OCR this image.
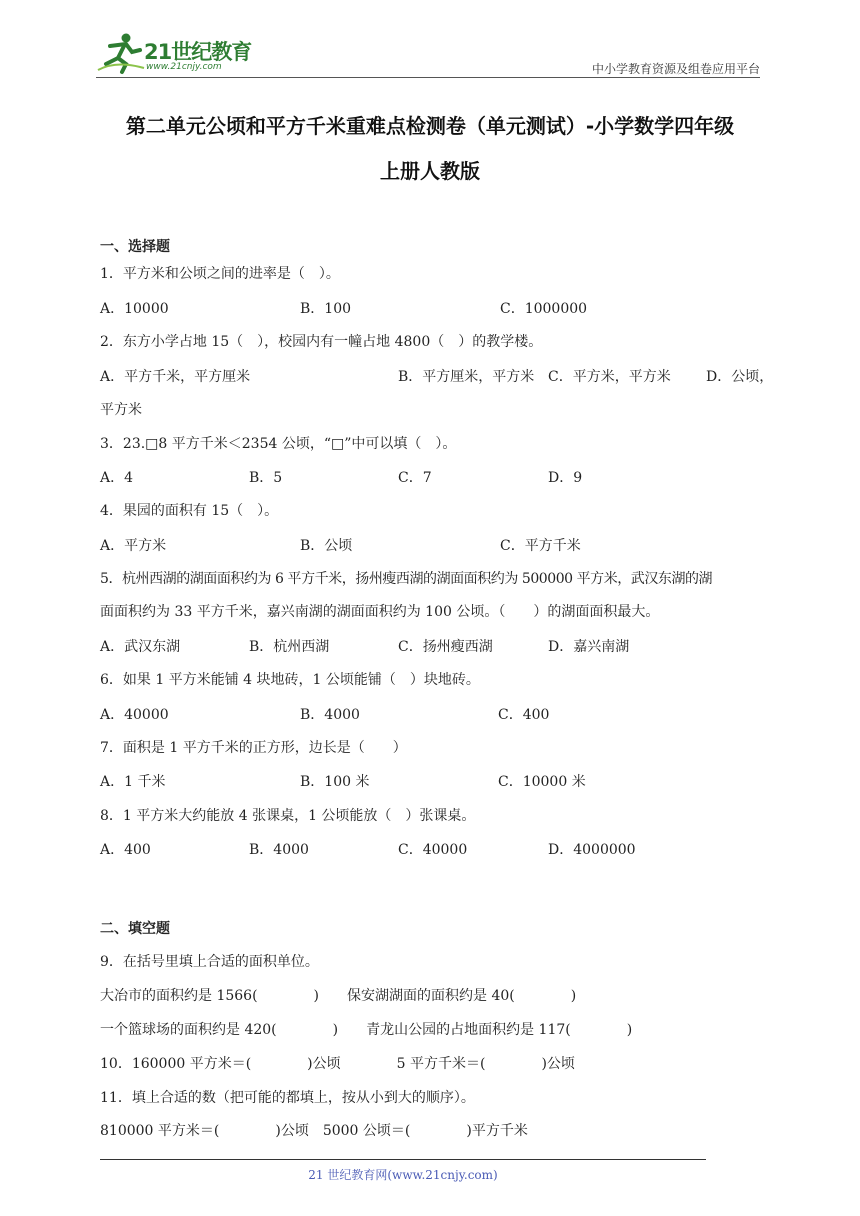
21世纪教育
www.21cnjy.com	中小学教育资源及组卷应用平台
第二单元公顷和平方千米重难点检测卷（单元测试）-小学数学四年级
上册人教版
一、选择题
1．平方米和公顷之间的进率是（　）。
A．10000	B．100	C．1000000
2．东方小学占地 15（　），校园内有一幢占地 4800（　）的教学楼。
A．平方千米，平方厘米	B．平方厘米，平方米 C．平方米，平方米	D．公顷，
平方米
3．23.□8 平方千米＜2354 公顷，“□”中可以填（　）。
A．4	B．5	C．7	D．9
4．果园的面积有 15（　）。
A．平方米	B．公顷	C．平方千米
5．杭州西湖的湖面面积约为 6 平方千米，扬州瘦西湖的湖面面积约为 500000 平方米，武汉东湖的湖
面面积约为 33 平方千米，嘉兴南湖的湖面面积约为 100 公顷。（　　）的湖面面积最大。
A．武汉东湖	B．杭州西湖	C．扬州瘦西湖	D．嘉兴南湖
6．如果 1 平方米能铺 4 块地砖，1 公顷能铺（　）块地砖。
A．40000	B．4000	C．400
7．面积是 1 平方千米的正方形，边长是（　　）
A．1 千米	B．100 米	C．10000 米
8．1 平方米大约能放 4 张课桌，1 公顷能放（　）张课桌。
A．400	B．4000	C．40000	D．4000000
二、填空题
9．在括号里填上合适的面积单位。
大冶市的面积约是 1566(　　　　)　　保安湖湖面的面积约是 40(　　　　)
一个篮球场的面积约是 420(　　　　)　　青龙山公园的占地面积约是 117(　　　　)
10．160000 平方米＝(　　　　)公顷　　　　5 平方千米＝(　　　　)公顷
11．填上合适的数（把可能的都填上，按从小到大的顺序）。
810000 平方米＝(　　　　)公顷　5000 公顷＝(　　　　)平方千米
21 世纪教育网(www.21cnjy.com)
